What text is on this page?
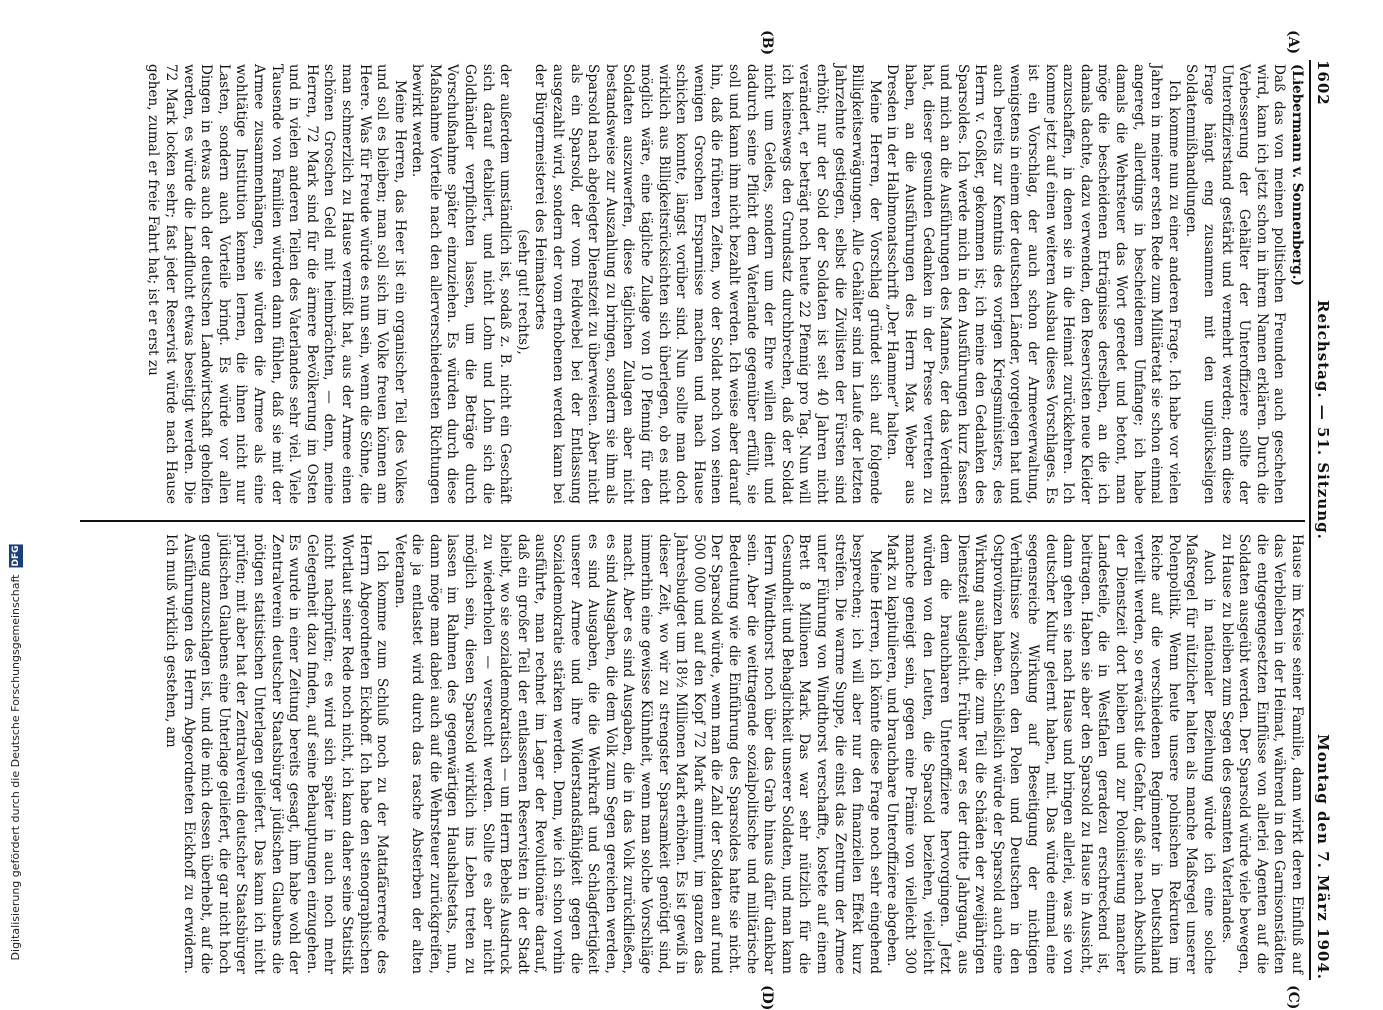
Digitalisierung gefördert durch die Deutsche Forschungsgemeinschaft DFG
1602
Reichstag. — 51. Sitzung.
Montag den 7. März 1904.
(A)
(B)
(C)
(D)

(Liebermann v. Sonnenberg.)

Daß das von meinen politischen Freunden auch geschehen wird, kann ich jetzt schon in ihrem Namen erklären. Durch die Verbesserung der Gehälter der Unteroffiziere sollte der Unteroffizierstand gestärkt und vermehrt werden; denn diese Frage hängt eng zusammen mit den unglückseligen Soldatenmißhandlungen.

Ich komme nun zu einer anderen Frage. Ich habe vor vielen Jahren in meiner ersten Rede zum Militäretat sie schon einmal angeregt, allerdings in bescheidenem Umfange; ich habe damals die Wehrsteuer das Wort geredet und betont, man möge die bescheidenen Erträgnisse derselben, an die ich damals dachte, dazu verwenden, den Reservisten neue Kleider anzuschaffen, in denen sie in die Heimat zurückkehren. Ich komme jetzt auf einen weiteren Ausbau dieses Vorschlages. Es ist ein Vorschlag, der auch schon der Armeeverwaltung, wenigstens in einem der deutschen Länder, vorgelegen hat und auch bereits zur Kenntnis des vorigen Kriegsministers, des Herrn v. Goßler, gekommen ist; ich meine den Gedanken des Sparsoldes. Ich werde mich in den Ausführungen kurz fassen und mich an die Ausführungen des Mannes, der das Verdienst hat, dieser gesunden Gedanken in der Presse vertreten zu haben, an die Ausführungen des Herrn Max Weber aus Dresden in der Halbmonatsschrift „Der Hammer“ halten.

Meine Herren, der Vorschlag gründet sich auf folgende Billigkeitserwägungen. Alle Gehälter sind im Laufe der letzten Jahrzehnte gestiegen, selbst die Zivilisten der Fürsten sind erhöht; nur der Sold der Soldaten ist seit 40 Jahren nicht verändert, er beträgt noch heute 22 Pfennig pro Tag. Nun will ich keineswegs den Grundsatz durchbrechen, daß der Soldat nicht um Geldes, sondern um der Ehre willen dient und dadurch seine Pflicht dem Vaterlande gegenüber erfüllt, sie soll und kann ihm nicht bezahlt werden. Ich weise aber darauf hin, daß die früheren Zeiten, wo der Soldat noch von seinen wenigen Groschen Ersparnisse machen und nach Hause schicken konnte, längst vorüber sind. Nun sollte man doch wirklich aus Billigkeitsrücksichten sich überlegen, ob es nicht möglich wäre, eine tägliche Zulage von 10 Pfennig für den Soldaten auszuwerfen, diese täglichen Zulagen aber nicht bestandsweise zur Auszahlung zu bringen, sondern sie ihm als Sparsold nach abgelegter Dienstzeit zu überweisen. Aber nicht als ein Sparsold, der vom Feldwebel bei der Entlassung ausgezahlt wird, sondern der vom erhobenen werden kann bei der Bürgermeisterei des Heimatsortes

(sehr gut! rechts),

der außerdem umständlich ist, sodaß z. B. nicht ein Geschäft sich darauf etabliert, und nicht Lohn und Lohn sich die Goldhändler verpflichten lassen, um die Beträge durch Vorschußnahme später einzuziehen. Es würden durch diese Maßnahme Vorteile nach den allerverschiedensten Richtungen bewirkt werden.

Meine Herren, das Heer ist ein organischer Teil des Volkes und soll es bleiben; man soll sich im Volke freuen können am Heere. Was für Freude würde es nun sein, wenn die Söhne, die man schmerzlich zu Hause vermißt hat, aus der Armee einen schönen Groschen Geld mit heimbrächten, — denn, meine Herren, 72 Mark sind für die ärmere Bevölkerung im Osten und in vielen anderen Teilen des Vaterlandes sehr viel. Viele Tausende von Familien würden dann fühlen, daß sie mit der Armee zusammenhängen, sie würden die Armee als eine wohltätige Institution kennen lernen, die ihnen nicht nur Lasten, sondern auch Vorteile bringt. Es würde vor allen Dingen in etwas auch der deutschen Landwirtschaft geholfen werden, es würde die Landflucht etwas beseitigt werden. Die 72 Mark locken sehr; fast jeder Reservist würde nach Hause gehen, zumal er freie Fahrt hat; ist er erst zu

Hause im Kreise seiner Familie, dann wirkt deren Einfluß auf das Verbleiben in der Heimat, während in den Garnisonstädten die entgegengesetzten Einflüsse von allerlei Agenten auf die Soldaten ausgeübt werden. Der Sparsold würde viele bewegen, zu Hause zu bleiben zum Segen des gesamten Vaterlandes.

Auch in nationaler Beziehung würde ich eine solche Maßregel für nützlicher halten als manche Maßregel unserer Polenpolitik. Wenn heute unsere polnischen Rekruten im Reiche auf die verschiedenen Regimenter in Deutschland verteilt werden, so erwächst die Gefahr, daß sie nach Abschluß der Dienstzeit dort bleiben und zur Polonisierung mancher Landesteile, die in Westfalen geradezu erschreckend ist, beitragen. Haben sie aber den Sparsold zu Hause in Aussicht, dann gehen sie nach Hause und bringen allerlei, was sie von deutscher Kultur gelernt haben, mit. Das würde einmal eine segensreiche Wirkung auf Beseitigung der nichtigen Verhältnisse zwischen den Polen und Deutschen in den Ostprovinzen haben. Schließlich würde der Sparsold auch eine Wirkung ausüben, die zum Teil die Schäden der zweijährigen Dienstzeit ausgleicht. Früher war es der dritte Jahrgang, aus dem die brauchbaren Unteroffiziere hervorgingen. Jetzt würden von den Leuten, die Sparsold beziehen, vielleicht manche geneigt sein, gegen eine Prämie von vielleicht 300 Mark zu kapitulieren, und brauchbare Unteroffiziere abgeben.

Meine Herren, ich könnte diese Frage noch sehr eingehend besprechen; ich will aber nur den finanziellen Effekt kurz streifen. Die warme Suppe, die einst das Zentrum der Armee unter Führung von Windthorst verschaffte, kostete auf einem Brett 8 Millionen Mark. Das war sehr nützlich für die Gesundheit und Behaglichkeit unserer Soldaten, und man kann Herrn Windthorst noch über das Grab hinaus dafür dankbar sein. Aber die weittragende sozialpolitische und militärische Bedeutung wie die Einführung des Sparsoldes hatte sie nicht. Der Sparsold würde, wenn man die Zahl der Soldaten auf rund 500 000 und auf den Kopf 72 Mark annimmt, im ganzen das Jahresbudget um 18½ Millionen Mark erhöhen. Es ist gewiß in dieser Zeit, wo wir zu strengster Sparsamkeit genötigt sind, immerhin eine gewisse Kühnheit, wenn man solche Vorschläge macht. Aber es sind Ausgaben, die in das Volk zurückfließen, es sind Ausgaben, die dem Volk zum Segen gereichen werden, es sind Ausgaben, die die Wehrkraft und Schlagfertigkeit unserer Armee und ihre Widerstandsfähigkeit gegen die Sozialdemokratie stärken werden. Denn, wie ich schon vorhin ausführte, man rechnet im Lager der Revolutionäre darauf, daß ein großer Teil der entlassenen Reservisten in der Stadt bleibt, wo sie sozialdemokratisch — um Herrn Bebels Ausdruck zu wiederholen — verseucht werden. Sollte es aber nicht möglich sein, diesen Sparsold wirklich ins Leben treten zu lassen im Rahmen des gegenwärtigen Haushaltsetats, nun, dann möge man dabei auch auf die Wehrsteuer zurückgreifen, die ja entlastet wird durch das rasche Absterben der alten Veteranen.

Ich komme zum Schluß noch zu der Mattafärerrede des Herrn Abgeordneten Eickhoff. Ich habe den stenographischen Wortlaut seiner Rede noch nicht, ich kann daher seine Statistik nicht nachprüfen; es wird sich später in auch noch mehr Gelegenheit dazu finden, auf seine Behauptungen einzugehen. Es wurde in einer Zeitung bereits gesagt, ihm habe wohl der Zentralverein deutscher Staatsbürger jüdischen Glaubens die nötigen statistischen Unterlagen geliefert. Das kann ich nicht prüfen; mit aber hat der Zentralverein deutscher Staatsbürger jüdischen Glaubens eine Unterlage geliefert, die gar nicht hoch genug anzuschlagen ist, und die mich dessen überhebt, auf die Ausführungen des Herrn Abgeordneten Eickhoff zu erwidern. Ich muß wirklich gestehen, am
